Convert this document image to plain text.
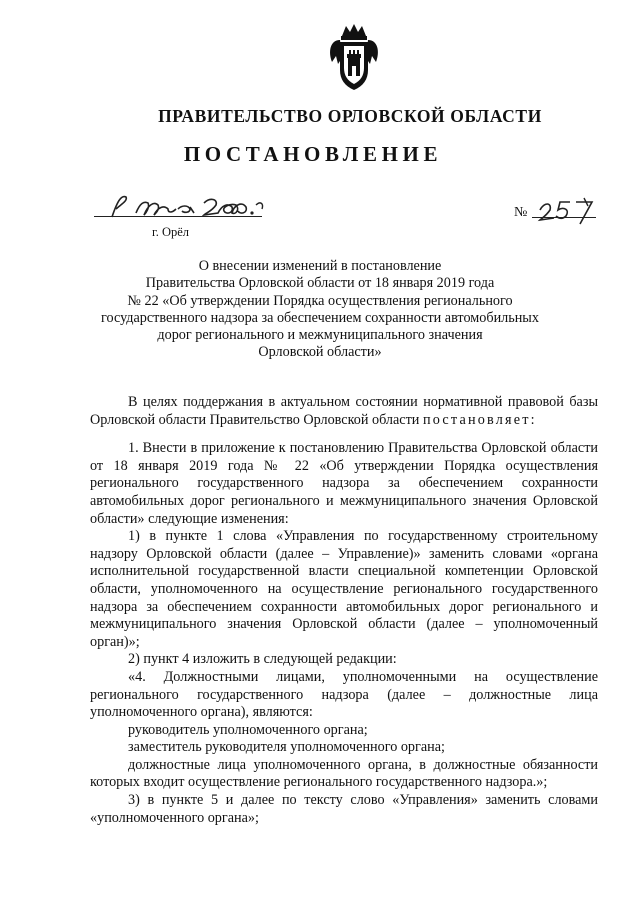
ПРАВИТЕЛЬСТВО ОРЛОВСКОЙ ОБЛАСТИ
ПОСТАНОВЛЕНИЕ
г. Орёл
№
О внесении изменений в постановление
Правительства Орловской области от 18 января 2019 года
№ 22 «Об утверждении Порядка осуществления регионального
государственного надзора за обеспечением сохранности автомобильных
дорог регионального и межмуниципального значения
Орловской области»

В целях поддержания в актуальном состоянии нормативной правовой базы Орловской области Правительство Орловской области постановляет:

1. Внести в приложение к постановлению Правительства Орловской области от 18 января 2019 года № 22 «Об утверждении Порядка осуществления регионального государственного надзора за обеспечением сохранности автомобильных дорог регионального и межмуниципального значения Орловской области» следующие изменения:

1) в пункте 1 слова «Управления по государственному строительному надзору Орловской области (далее – Управление)» заменить словами «органа исполнительной государственной власти специальной компетенции Орловской области, уполномоченного на осуществление регионального государственного надзора за обеспечением сохранности автомобильных дорог регионального и межмуниципального значения Орловской области (далее – уполномоченный орган)»;

2) пункт 4 изложить в следующей редакции:

«4. Должностными лицами, уполномоченными на осуществление регионального государственного надзора (далее – должностные лица уполномоченного органа), являются:

руководитель уполномоченного органа;

заместитель руководителя уполномоченного органа;

должностные лица уполномоченного органа, в должностные обязанности которых входит осуществление регионального государственного надзора.»;

3) в пункте 5 и далее по тексту слово «Управления» заменить словами «уполномоченного органа»;
